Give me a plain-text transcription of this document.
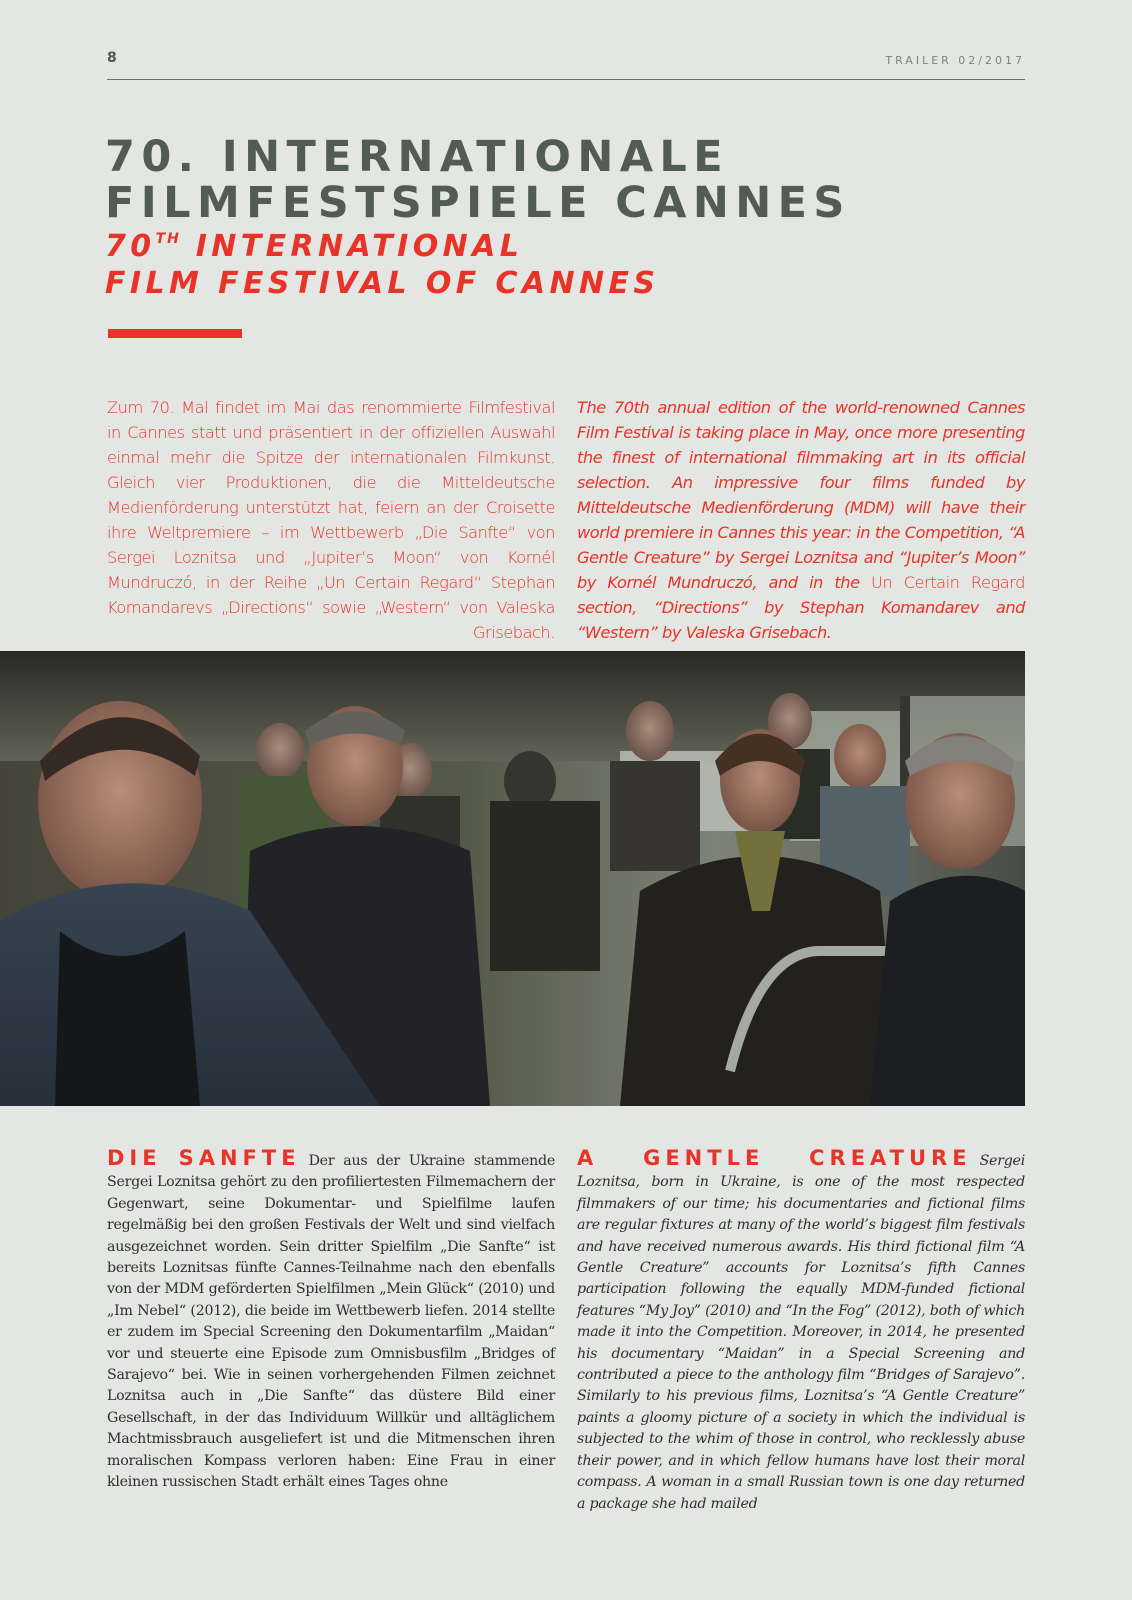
8	TRAILER 02/2017
70. INTERNATIONALE
FILMFESTSPIELE CANNES
70TH INTERNATIONAL
FILM FESTIVAL OF CANNES

Zum 70. Mal findet im Mai das renommierte Filmfestival in Cannes statt und präsentiert in der offiziellen Auswahl einmal mehr die Spitze der internationalen Filmkunst. Gleich vier Produktionen, die die Mitteldeutsche Medienförderung unterstützt hat, feiern an der Croisette ihre Weltpremiere – im Wettbewerb „Die Sanfte“ von Sergei Loznitsa und „Jupiter’s Moon“ von Kornél Mundruczó, in der Reihe „Un Certain Regard“ Stephan Komandarevs „Directions“ sowie „Western“ von Valeska Grisebach.

The 70th annual edition of the world-renowned Cannes Film Festival is taking place in May, once more presenting the finest of international filmmaking art in its official selection. An impressive four films funded by Mitteldeutsche Medienförderung (MDM) will have their world premiere in Cannes this year: in the Competition, “A Gentle Creature” by Sergei Loznitsa and “Jupiter’s Moon” by Kornél Mundruczó, and in the Un Certain Regard section, “Directions” by Stephan Komandarev and “Western” by Valeska Grisebach.

DIE SANFTE Der aus der Ukraine stammende Sergei Loznitsa gehört zu den profiliertesten Filmemachern der Gegenwart, seine Dokumentar- und Spielfilme laufen regelmäßig bei den großen Festivals der Welt und sind vielfach ausgezeichnet worden. Sein dritter Spielfilm „Die Sanfte“ ist bereits Loznitsas fünfte Cannes-Teilnahme nach den ebenfalls von der MDM geförderten Spielfilmen „Mein Glück“ (2010) und „Im Nebel“ (2012), die beide im Wettbewerb liefen. 2014 stellte er zudem im Special Screening den Dokumentarfilm „Maidan“ vor und steuerte eine Episode zum Omnisbusfilm „Bridges of Sarajevo“ bei. Wie in seinen vorhergehenden Filmen zeichnet Loznitsa auch in „Die Sanfte“ das düstere Bild einer Gesellschaft, in der das Individuum Willkür und alltäglichem Machtmissbrauch ausgeliefert ist und die Mitmenschen ihren moralischen Kompass verloren haben: Eine Frau in einer kleinen russischen Stadt erhält eines Tages ohne

A GENTLE CREATURE Sergei Loznitsa, born in Ukraine, is one of the most respected filmmakers of our time; his documentaries and fictional films are regular fixtures at many of the world’s biggest film festivals and have received numerous awards. His third fictional film “A Gentle Creature” accounts for Loznitsa’s fifth Cannes participation following the equally MDM-funded fictional features “My Joy” (2010) and “In the Fog” (2012), both of which made it into the Competition. Moreover, in 2014, he presented his documentary “Maidan” in a Special Screening and contributed a piece to the anthology film “Bridges of Sarajevo”. Similarly to his previous films, Loznitsa’s “A Gentle Creature” paints a gloomy picture of a society in which the individual is subjected to the whim of those in control, who recklessly abuse their power, and in which fellow humans have lost their moral compass. A woman in a small Russian town is one day returned a package she had mailed
